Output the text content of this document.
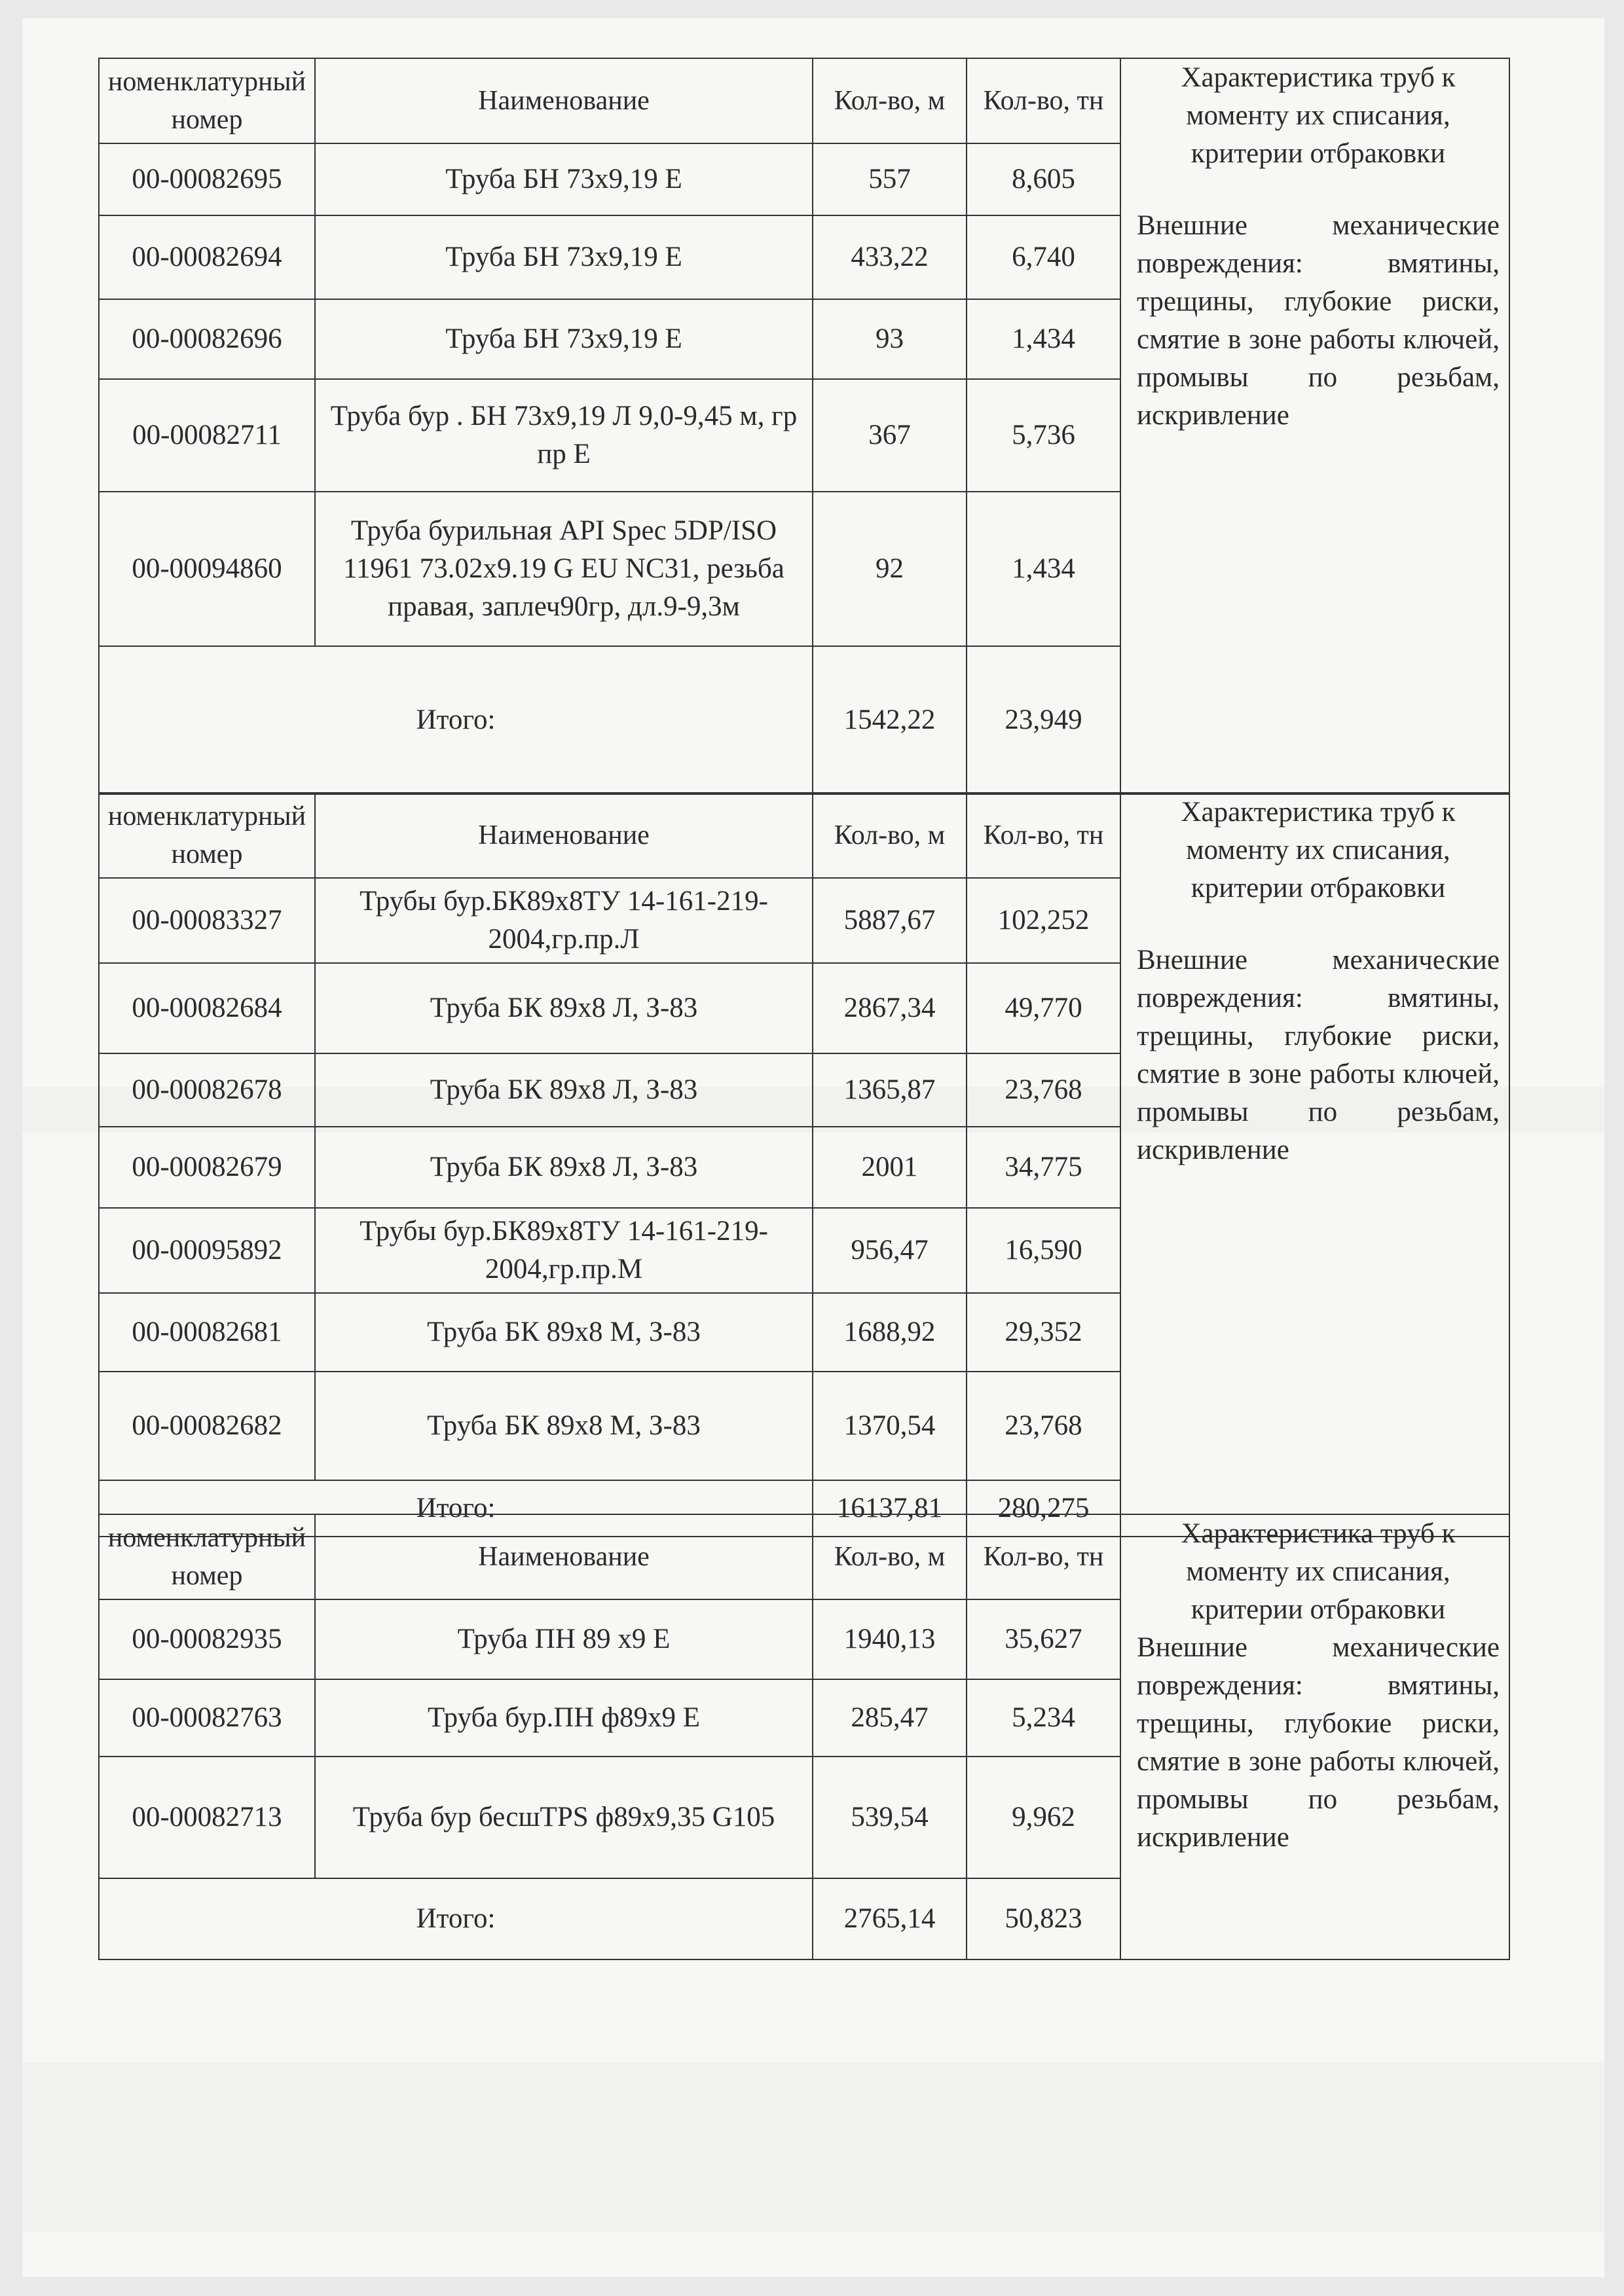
номенклатурный номер	Наименование	Кол-во, м	Кол-во, тн	Характеристика труб к моменту их списания, критерии отбраковки
Внешние механические повреждения: вмятины, трещины, глубокие риски, смятие в зоне работы ключей, промывы по резьбам, искривление

00-00082695	Труба БН 73х9,19 Е	557	8,605	
00-00082694	Труба БН 73х9,19 Е	433,22	6,740	
00-00082696	Труба БН 73х9,19 Е	93	1,434	
00-00082711	Труба бур . БН 73х9,19 Л 9,0-9,45 м, гр пр Е	367	5,736	
00-00094860	Труба бурильная API Spec 5DP/ISO 11961 73.02x9.19 G EU NC31, резьба правая, заплеч90гр, дл.9-9,3м	92	1,434	
Итого:		1542,22	23,949	
номенклатурный номер	Наименование	Кол-во, м	Кол-во, тн	Характеристика труб к моменту их списания, критерии отбраковки
Внешние механические повреждения: вмятины, трещины, глубокие риски, смятие в зоне работы ключей, промывы по резьбам, искривление

00-00083327	Трубы бур.БК89х8ТУ 14-161-219-2004,гр.пр.Л	5887,67	102,252	
00-00082684	Труба БК 89х8 Л, З-83	2867,34	49,770	
00-00082678	Труба БК 89х8 Л, З-83	1365,87	23,768	
00-00082679	Труба БК 89х8 Л, З-83	2001	34,775	
00-00095892	Трубы бур.БК89х8ТУ 14-161-219-2004,гр.пр.М	956,47	16,590	
00-00082681	Труба БК 89х8 М, З-83	1688,92	29,352	
00-00082682	Труба БК 89х8 М, З-83	1370,54	23,768	
Итого:		16137,81	280,275	
номенклатурный номер	Наименование	Кол-во, м	Кол-во, тн	Характеристика труб к моменту их списания, критерии отбраковки
Внешние механические повреждения: вмятины, трещины, глубокие риски, смятие в зоне работы ключей, промывы по резьбам, искривление

00-00082935	Труба ПН 89 х9 Е	1940,13	35,627	
00-00082763	Труба бур.ПН ф89х9 Е	285,47	5,234	
00-00082713	Труба бур бесшTPS ф89х9,35 G105	539,54	9,962	
Итого:		2765,14	50,823	
